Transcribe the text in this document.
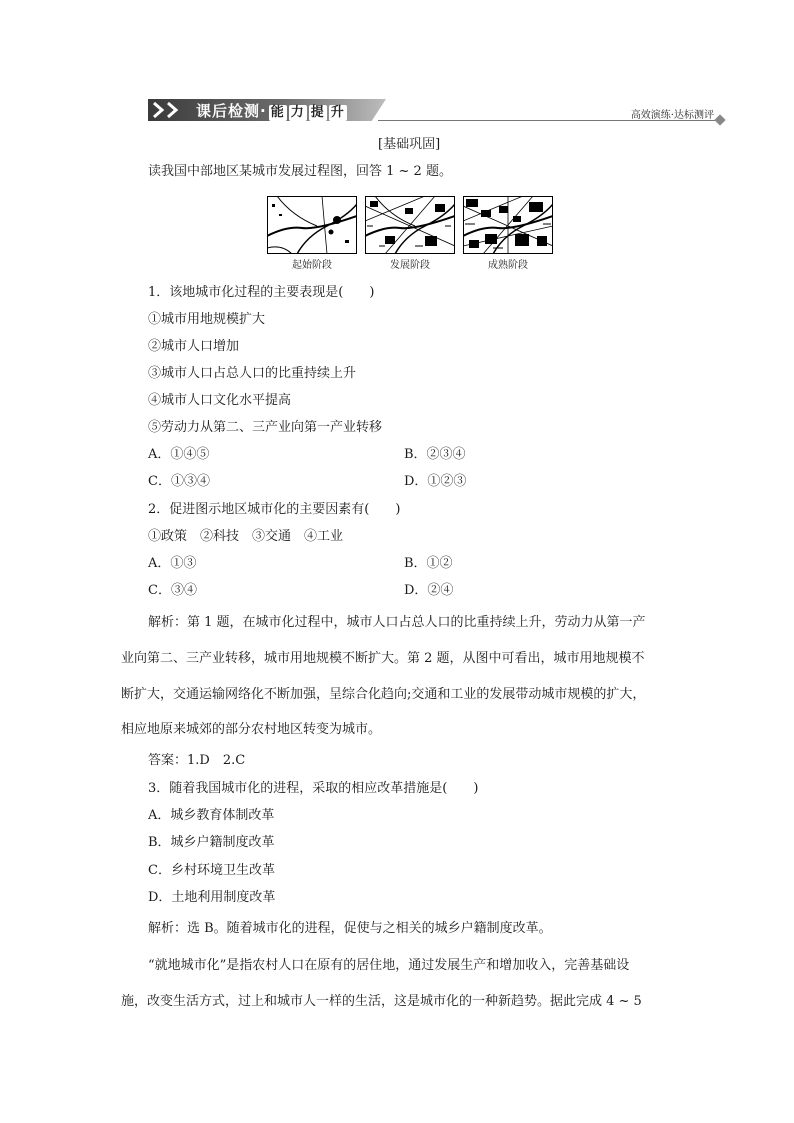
课后检测· 能 力 提 升	高效演练·达标测评
[基础巩固]
读我国中部地区某城市发展过程图，回答 1 ~ 2 题。
起始阶段	发展阶段	成熟阶段
1．该地城市化过程的主要表现是(　　)
①城市用地规模扩大
②城市人口增加
③城市人口占总人口的比重持续上升
④城市人口文化水平提高
⑤劳动力从第二、三产业向第一产业转移
A．①④⑤	B．②③④
C．①③④	D．①②③
2．促进图示地区城市化的主要因素有(　　)
①政策　②科技　③交通　④工业
A．①③	B．①②
C．③④	D．②④
解析：第 1 题，在城市化过程中，城市人口占总人口的比重持续上升，劳动力从第一产
业向第二、三产业转移，城市用地规模不断扩大。第 2 题，从图中可看出，城市用地规模不
断扩大，交通运输网络化不断加强，呈综合化趋向;交通和工业的发展带动城市规模的扩大，
相应地原来城郊的部分农村地区转变为城市。
答案：1.D　2.C
3．随着我国城市化的进程，采取的相应改革措施是(　　)
A．城乡教育体制改革
B．城乡户籍制度改革
C．乡村环境卫生改革
D．土地利用制度改革
解析：选 B。随着城市化的进程，促使与之相关的城乡户籍制度改革。
“就地城市化”是指农村人口在原有的居住地，通过发展生产和增加收入，完善基础设
施，改变生活方式，过上和城市人一样的生活，这是城市化的一种新趋势。据此完成 4 ~ 5
